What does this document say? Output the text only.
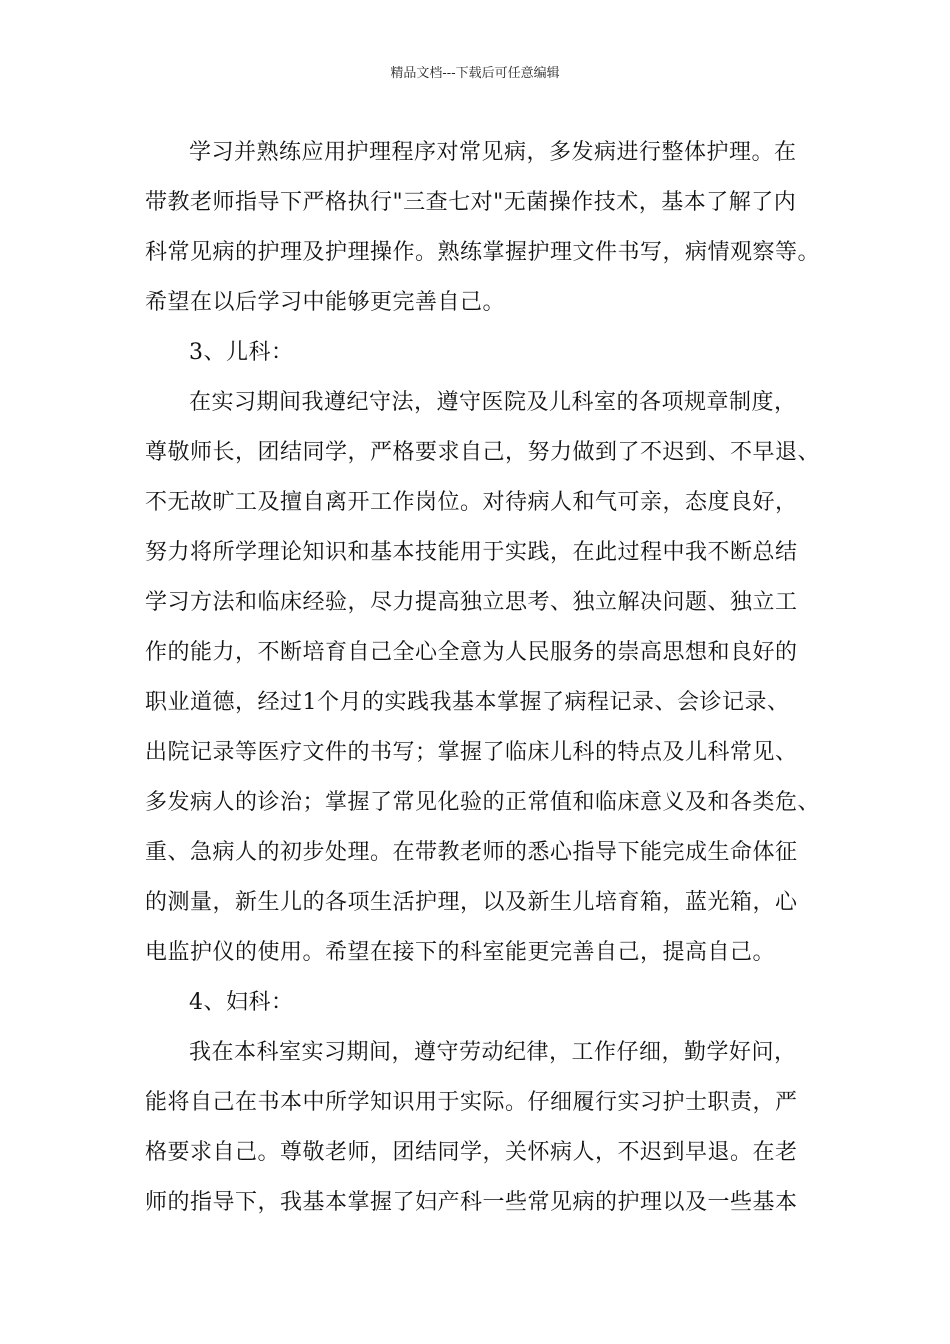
精品文档---下载后可任意编辑
学习并熟练应用护理程序对常见病，多发病进行整体护理。在
带教老师指导下严格执行"三查七对"无菌操作技术，基本了解了内
科常见病的护理及护理操作。熟练掌握护理文件书写，病情观察等。
希望在以后学习中能够更完善自己。
3、儿科：
在实习期间我遵纪守法，遵守医院及儿科室的各项规章制度，
尊敬师长，团结同学，严格要求自己，努力做到了不迟到、不早退、
不无故旷工及擅自离开工作岗位。对待病人和气可亲，态度良好，
努力将所学理论知识和基本技能用于实践，在此过程中我不断总结
学习方法和临床经验，尽力提高独立思考、独立解决问题、独立工
作的能力，不断培育自己全心全意为人民服务的崇高思想和良好的
职业道德，经过1个月的实践我基本掌握了病程记录、会诊记录、
出院记录等医疗文件的书写；掌握了临床儿科的特点及儿科常见、
多发病人的诊治；掌握了常见化验的正常值和临床意义及和各类危、
重、急病人的初步处理。在带教老师的悉心指导下能完成生命体征
的测量，新生儿的各项生活护理，以及新生儿培育箱，蓝光箱，心
电监护仪的使用。希望在接下的科室能更完善自己，提高自己。
4、妇科：
我在本科室实习期间，遵守劳动纪律，工作仔细，勤学好问，
能将自己在书本中所学知识用于实际。仔细履行实习护士职责，严
格要求自己。尊敬老师，团结同学，关怀病人，不迟到早退。在老
师的指导下，我基本掌握了妇产科一些常见病的护理以及一些基本
